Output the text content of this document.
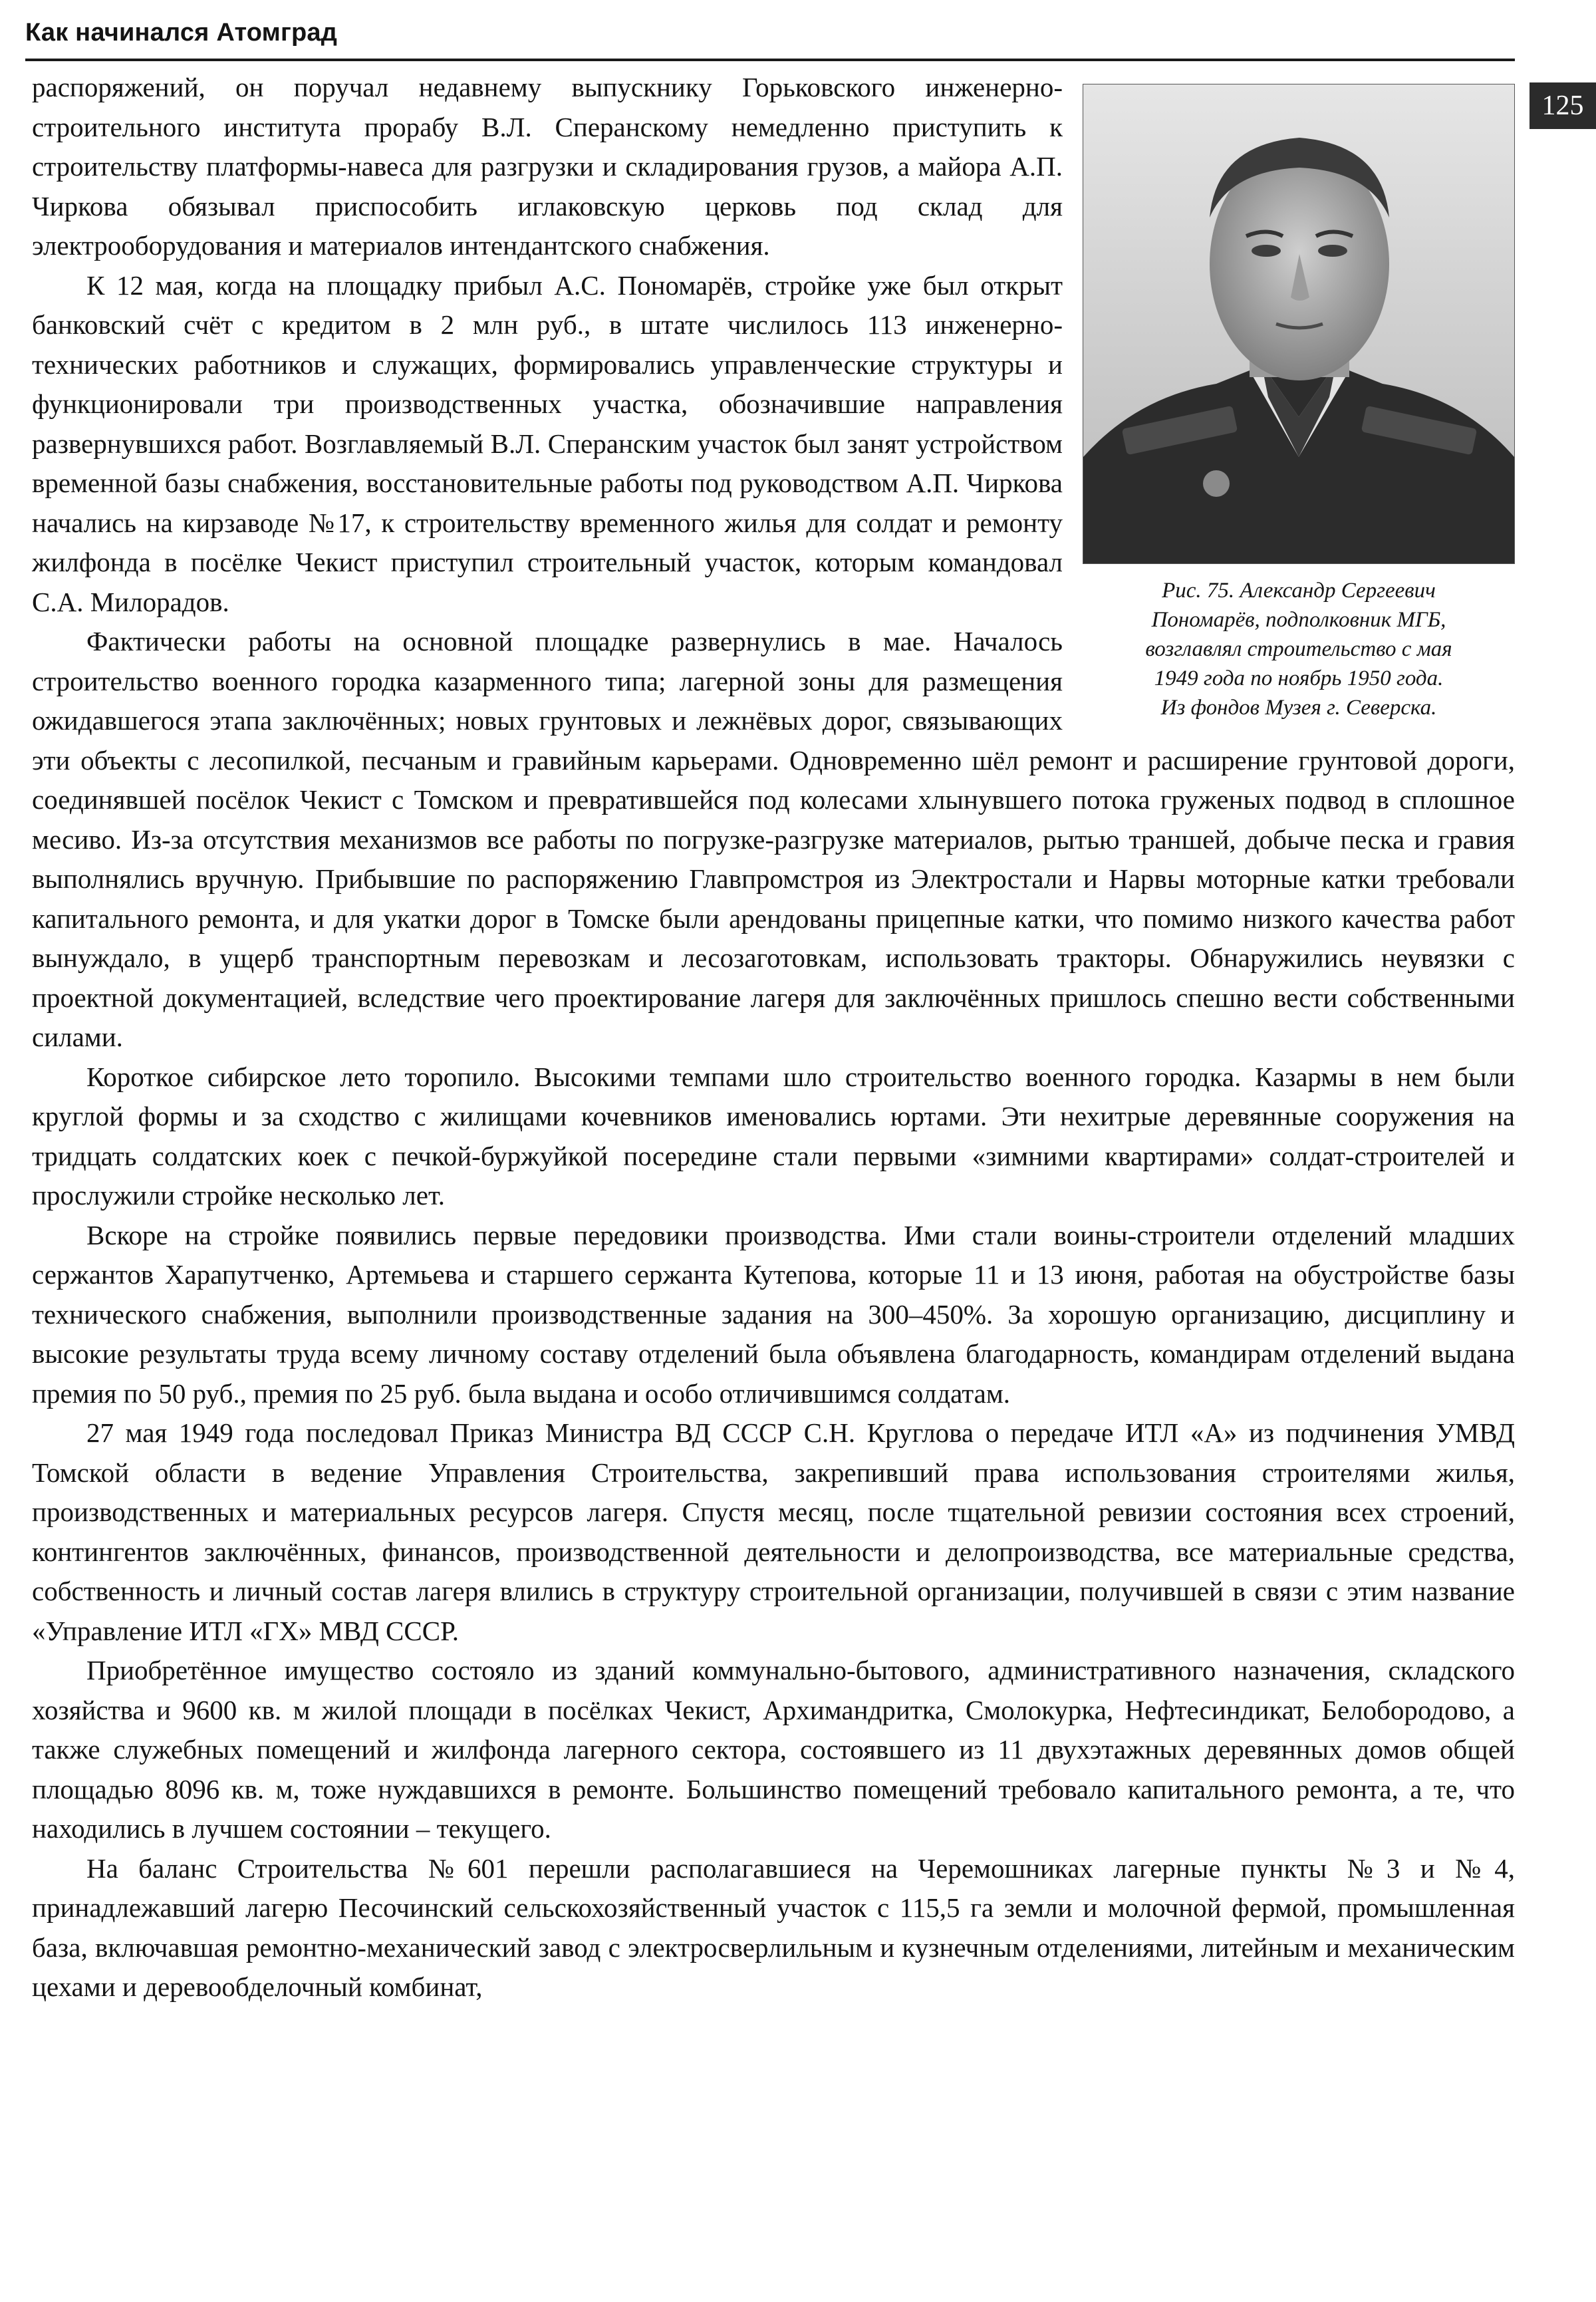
Как начинался Атомград
125
Рис. 75. Александр Сергеевич
Пономарёв, подполковник МГБ,
возглавлял строительство с мая
1949 года по ноябрь 1950 года.
Из фондов Музея г. Северска.

распоряжений, он поручал недавнему выпускнику Горьковского инженерно-строительного института прорабу В.Л. Сперанскому немедленно приступить к строительству платформы-навеса для разгрузки и складирования грузов, а майора А.П. Чиркова обязывал приспособить иглаковскую церковь под склад для электрооборудования и материалов интендантского снабжения.

К 12 мая, когда на площадку прибыл А.С. Пономарёв, стройке уже был открыт банковский счёт с кредитом в 2 млн руб., в штате числилось 113 инженерно-технических работников и служащих, формировались управленческие структуры и функционировали три производственных участка, обозначившие направления развернувшихся работ. Возглавляемый В.Л. Сперанским участок был занят устройством временной базы снабжения, восстановительные работы под руководством А.П. Чиркова начались на кирзаводе №17, к строительству временного жилья для солдат и ремонту жилфонда в посёлке Чекист приступил строительный участок, которым командовал С.А. Милорадов.

Фактически работы на основной площадке развернулись в мае. Началось строительство военного городка казарменного типа; лагерной зоны для размещения ожидавшегося этапа заключённых; новых грунтовых и лежнёвых дорог, связывающих эти объекты с лесопилкой, песчаным и гравийным карьерами. Одновременно шёл ремонт и расширение грунтовой дороги, соединявшей посёлок Чекист с Томском и превратившейся под колесами хлынувшего потока груженых подвод в сплошное месиво. Из-за отсутствия механизмов все работы по погрузке-разгрузке материалов, рытью траншей, добыче песка и гравия выполнялись вручную. Прибывшие по распоряжению Главпромстроя из Электростали и Нарвы моторные катки требовали капитального ремонта, и для укатки дорог в Томске были арендованы прицепные катки, что помимо низкого качества работ вынуждало, в ущерб транспортным перевозкам и лесозаготовкам, использовать тракторы. Обнаружились неувязки с проектной документацией, вследствие чего проектирование лагеря для заключённых пришлось спешно вести собственными силами.

Короткое сибирское лето торопило. Высокими темпами шло строительство военного городка. Казармы в нем были круглой формы и за сходство с жилищами кочевников именовались юртами. Эти нехитрые деревянные сооружения на тридцать солдатских коек с печкой-буржуйкой посередине стали первыми «зимними квартирами» солдат-строителей и прослужили стройке несколько лет.

Вскоре на стройке появились первые передовики производства. Ими стали воины-строители отделений младших сержантов Харапутченко, Артемьева и старшего сержанта Кутепова, которые 11 и 13 июня, работая на обустройстве базы технического снабжения, выполнили производственные задания на 300–450%. За хорошую организацию, дисциплину и высокие результаты труда всему личному составу отделений была объявлена благодарность, командирам отделений выдана премия по 50 руб., премия по 25 руб. была выдана и особо отличившимся солдатам.

27 мая 1949 года последовал Приказ Министра ВД СССР С.Н. Круглова о передаче ИТЛ «А» из подчинения УМВД Томской области в ведение Управления Строительства, закрепивший права использования строителями жилья, производственных и материальных ресурсов лагеря. Спустя месяц, после тщательной ревизии состояния всех строений, контингентов заключённых, финансов, производственной деятельности и делопроизводства, все материальные средства, собственность и личный состав лагеря влились в структуру строительной организации, получившей в связи с этим название «Управление ИТЛ «ГХ» МВД СССР.

Приобретённое имущество состояло из зданий коммунально-бытового, административного назначения, складского хозяйства и 9600 кв. м жилой площади в посёлках Чекист, Архимандритка, Смолокурка, Нефтесиндикат, Белобородово, а также служебных помещений и жилфонда лагерного сектора, состоявшего из 11 двухэтажных деревянных домов общей площадью 8096 кв. м, тоже нуждавшихся в ремонте. Большинство помещений требовало капитального ремонта, а те, что находились в лучшем состоянии – текущего.

На баланс Строительства №601 перешли располагавшиеся на Черемошниках лагерные пункты №3 и №4, принадлежавший лагерю Песочинский сельскохозяйственный участок с 115,5 га земли и молочной фермой, промышленная база, включавшая ремонтно-механический завод с электросверлильным и кузнечным отделениями, литейным и механическим цехами и деревообделочный комбинат,
